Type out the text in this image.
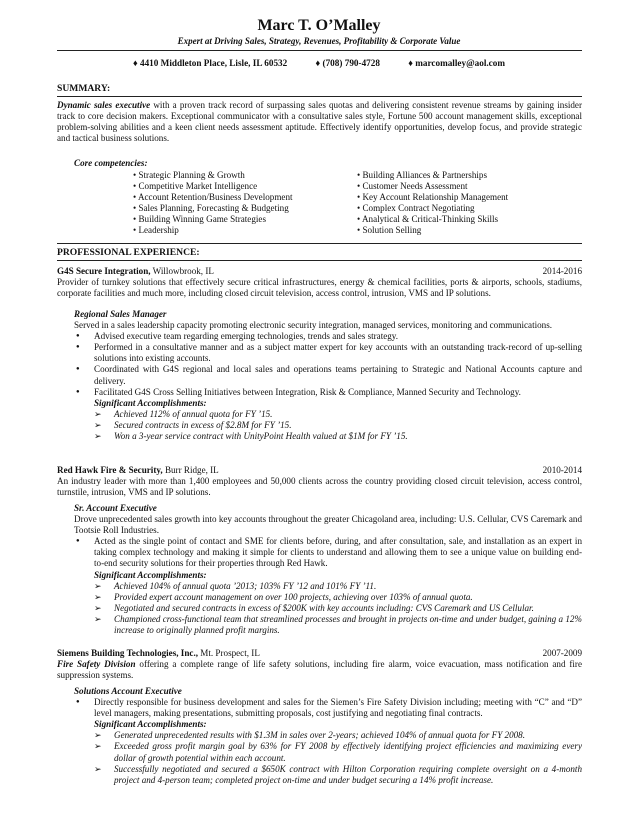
Marc T. O’Malley
Expert at Driving Sales, Strategy, Revenues, Profitability & Corporate Value
♦ 4410 Middleton Place, Lisle, IL 60532	♦ (708) 790-4728	♦ marcomalley@aol.com
SUMMARY:
Dynamic sales executive with a proven track record of surpassing sales quotas and delivering consistent revenue streams by gaining insider track to core decision makers. Exceptional communicator with a consultative sales style, Fortune 500 account management skills, exceptional problem-solving abilities and a keen client needs assessment aptitude. Effectively identify opportunities, develop focus, and provide strategic and tactical business solutions.
Core competencies:
• Strategic Planning & Growth
• Competitive Market Intelligence
• Account Retention/Business Development
• Sales Planning, Forecasting & Budgeting
• Building Winning Game Strategies
• Leadership
• Building Alliances & Partnerships
• Customer Needs Assessment
• Key Account Relationship Management
• Complex Contract Negotiating
• Analytical & Critical-Thinking Skills
• Solution Selling
PROFESSIONAL EXPERIENCE:
G4S Secure Integration, Willowbrook, IL	2014-2016
Provider of turnkey solutions that effectively secure critical infrastructures, energy & chemical facilities, ports & airports, schools, stadiums, corporate facilities and much more, including closed circuit television, access control, intrusion, VMS and IP solutions.
Regional Sales Manager
Served in a sales leadership capacity promoting electronic security integration, managed services, monitoring and communications.
● Advised executive team regarding emerging technologies, trends and sales strategy.
● Performed in a consultative manner and as a subject matter expert for key accounts with an outstanding track-record of up-selling solutions into existing accounts.
● Coordinated with G4S regional and local sales and operations teams pertaining to Strategic and National Accounts capture and delivery.
● Facilitated G4S Cross Selling Initiatives between Integration, Risk & Compliance, Manned Security and Technology.
Significant Accomplishments:
➢ Achieved 112% of annual quota for FY ’15.
➢ Secured contracts in excess of $2.8M for FY ’15.
➢ Won a 3-year service contract with UnityPoint Health valued at $1M for FY ’15.
Red Hawk Fire & Security, Burr Ridge, IL	2010-2014
An industry leader with more than 1,400 employees and 50,000 clients across the country providing closed circuit television, access control, turnstile, intrusion, VMS and IP solutions.
Sr. Account Executive
Drove unprecedented sales growth into key accounts throughout the greater Chicagoland area, including: U.S. Cellular, CVS Caremark and Tootsie Roll Industries.
● Acted as the single point of contact and SME for clients before, during, and after consultation, sale, and installation as an expert in taking complex technology and making it simple for clients to understand and allowing them to see a unique value on building end-to-end security solutions for their properties through Red Hawk.
Significant Accomplishments:
➢ Achieved 104% of annual quota ’2013; 103% FY ’12 and 101% FY ’11.
➢ Provided expert account management on over 100 projects, achieving over 103% of annual quota.
➢ Negotiated and secured contracts in excess of $200K with key accounts including: CVS Caremark and US Cellular.
➢ Championed cross-functional team that streamlined processes and brought in projects on-time and under budget, gaining a 12% increase to originally planned profit margins.
Siemens Building Technologies, Inc., Mt. Prospect, IL	2007-2009
Fire Safety Division offering a complete range of life safety solutions, including fire alarm, voice evacuation, mass notification and fire suppression systems.
Solutions Account Executive
● Directly responsible for business development and sales for the Siemen’s Fire Safety Division including; meeting with “C” and “D” level managers, making presentations, submitting proposals, cost justifying and negotiating final contracts.
Significant Accomplishments:
➢ Generated unprecedented results with $1.3M in sales over 2-years; achieved 104% of annual quota for FY 2008.
➢ Exceeded gross profit margin goal by 63% for FY 2008 by effectively identifying project efficiencies and maximizing every dollar of growth potential within each account.
➢ Successfully negotiated and secured a $650K contract with Hilton Corporation requiring complete oversight on a 4-month project and 4-person team; completed project on-time and under budget securing a 14% profit increase.
